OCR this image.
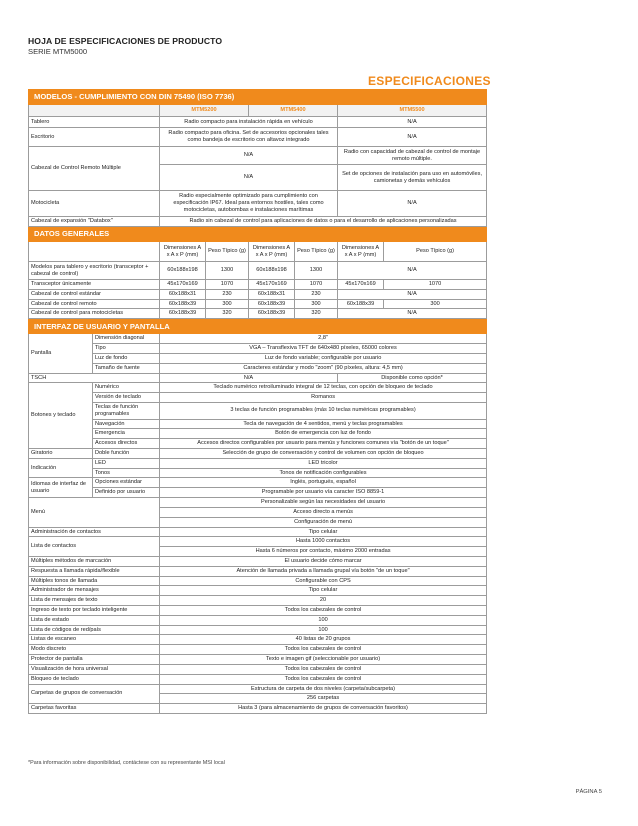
HOJA DE ESPECIFICACIONES DE PRODUCTO
SERIE MTM5000
ESPECIFICACIONES
MODELOS - CUMPLIMIENTO CON DIN 75490 (ISO 7736)							
		MTM5200		MTM5400		MTM5500	
Tablero		Radio compacto para instalación rápida en vehículo				N/A	
Escritorio		Radio compacto para oficina. Set de accesorios opcionales tales como bandeja de escritorio con altavoz integrado				N/A	
Cabezal de Control Remoto Múltiple		N/A				Radio con capacidad de cabezal de control de montaje remoto múltiple.	
		N/A				Set de opciones de instalación para uso en automóviles, camionetas y demás vehículos	
Motocicleta		Radio especialmente optimizado para cumplimiento con especificación IP67. Ideal para entornos hostiles, tales como motocicletas, autobombas e instalaciones marítimas				N/A	
Cabezal de expansión "Databox"		Radio sin cabezal de control para aplicaciones de datos o para el desarrollo de aplicaciones personalizadas					
DATOS GENERALES							
		Dimensiones A x A x P (mm)	Peso Típico (g)	Dimensiones A x A x P (mm)	Peso Típico (g)	Dimensiones A x A x P (mm)	Peso Típico (g)
Modelos para tablero y escritorio (transceptor + cabezal de control)		60x188x198	1300	60x188x198	1300	N/A	
Transceptor únicamente		45x170x169	1070	45x170x169	1070	45x170x169	1070
Cabezal de control estándar		60x188x31	230	60x188x31	230	N/A	
Cabezal de control remoto		60x188x39	300	60x188x39	300	60x188x39	300
Cabezal de control para motocicletas		60x188x39	320	60x188x39	320	N/A	
INTERFAZ DE USUARIO Y PANTALLA							
Pantalla	Dimensión diagonal	2,8"					
	Tipo	VGA – Transflexiva TFT de 640x480 píxeles, 65000 colores					
	Luz de fondo	Luz de fondo variable; configurable por usuario					
	Tamaño de fuente	Caracteres estándar y modo "zoom" (90 píxeles, altura: 4,5 mm)					
TSCH		N/A				Disponible como opción*	
Botones y teclado	Numérico	Teclado numérico retroiluminado integral de 12 teclas, con opción de bloqueo de teclado					
	Versión de teclado	Romanos					
	Teclas de función programables	3 teclas de función programables (más 10 teclas numéricas programables)					
	Navegación	Tecla de navegación de 4 sentidos, menú y teclas programables					
	Emergencia	Botón de emergencia con luz de fondo					
	Accesos directos	Accesos directos configurables por usuario para menús y funciones comunes vía "botón de un toque"					
Giratorio	Doble función	Selección de grupo de conversación y control de volumen con opción de bloqueo					
Indicación	LED	LED tricolor					
	Tonos	Tonos de notificación configurables					
Idiomas de interfaz de usuario	Opciones estándar	Inglés, portugués, español					
	Definido por usuario	Programable por usuario vía caracter ISO 8859-1					
Menú		Personalizable según las necesidades del usuario					
		Acceso directo a menús					
		Configuración de menú					
Administración de contactos		Tipo celular					
Lista de contactos		Hasta 1000 contactos					
		Hasta 6 números por contacto, máximo 2000 entradas					
Múltiples métodos de marcación		El usuario decide cómo marcar					
Respuesta a llamada rápida/flexible		Atención de llamada privada a llamada grupal vía botón "de un toque"					
Múltiples tonos de llamada		Configurable con CPS					
Administrador de mensajes		Tipo celular					
Lista de mensajes de texto		20					
Ingreso de texto por teclado inteligente		Todos los cabezales de control					
Lista de estado		100					
Lista de códigos de red/país		100					
Listas de escaneo		40 listas de 20 grupos					
Modo discreto		Todos los cabezales de control					
Protector de pantalla		Texto e imagen gif (seleccionable por usuario)					
Visualización de hora universal		Todos los cabezales de control					
Bloqueo de teclado		Todos los cabezales de control					
Carpetas de grupos de conversación		Estructura de carpeta de dos niveles (carpeta/subcarpeta)					
		256 carpetas					
Carpetas favoritas		Hasta 3 (para almacenamiento de grupos de conversación favoritos)					
*Para información sobre disponibilidad, contáctese con su representante MSI local
PÁGINA 5
